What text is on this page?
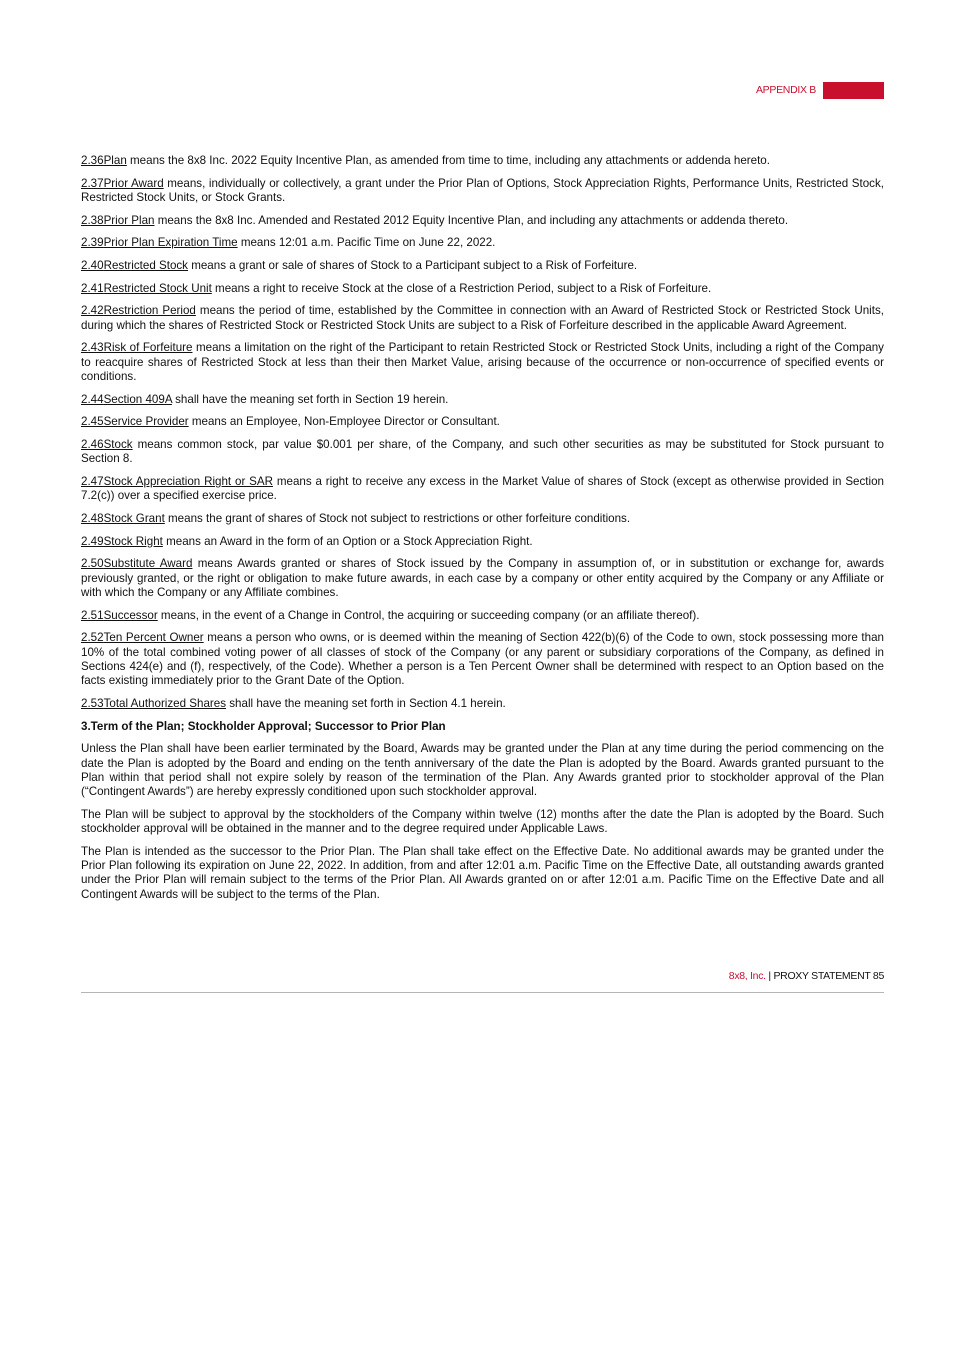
APPENDIX B

2.36Plan means the 8x8 Inc. 2022 Equity Incentive Plan, as amended from time to time, including any attachments or addenda hereto.

2.37Prior Award means, individually or collectively, a grant under the Prior Plan of Options, Stock Appreciation Rights, Performance Units, Restricted Stock, Restricted Stock Units, or Stock Grants.

2.38Prior Plan means the 8x8 Inc. Amended and Restated 2012 Equity Incentive Plan, and including any attachments or addenda thereto.

2.39Prior Plan Expiration Time means 12:01 a.m. Pacific Time on June 22, 2022.

2.40Restricted Stock means a grant or sale of shares of Stock to a Participant subject to a Risk of Forfeiture.

2.41Restricted Stock Unit means a right to receive Stock at the close of a Restriction Period, subject to a Risk of Forfeiture.

2.42Restriction Period means the period of time, established by the Committee in connection with an Award of Restricted Stock or Restricted Stock Units, during which the shares of Restricted Stock or Restricted Stock Units are subject to a Risk of Forfeiture described in the applicable Award Agreement.

2.43Risk of Forfeiture means a limitation on the right of the Participant to retain Restricted Stock or Restricted Stock Units, including a right of the Company to reacquire shares of Restricted Stock at less than their then Market Value, arising because of the occurrence or non-occurrence of specified events or conditions.

2.44Section 409A shall have the meaning set forth in Section 19 herein.

2.45Service Provider means an Employee, Non-Employee Director or Consultant.

2.46Stock means common stock, par value $0.001 per share, of the Company, and such other securities as may be substituted for Stock pursuant to Section 8.

2.47Stock Appreciation Right or SAR means a right to receive any excess in the Market Value of shares of Stock (except as otherwise provided in Section 7.2(c)) over a specified exercise price.

2.48Stock Grant means the grant of shares of Stock not subject to restrictions or other forfeiture conditions.

2.49Stock Right means an Award in the form of an Option or a Stock Appreciation Right.

2.50Substitute Award means Awards granted or shares of Stock issued by the Company in assumption of, or in substitution or exchange for, awards previously granted, or the right or obligation to make future awards, in each case by a company or other entity acquired by the Company or any Affiliate or with which the Company or any Affiliate combines.

2.51Successor means, in the event of a Change in Control, the acquiring or succeeding company (or an affiliate thereof).

2.52Ten Percent Owner means a person who owns, or is deemed within the meaning of Section 422(b)(6) of the Code to own, stock possessing more than 10% of the total combined voting power of all classes of stock of the Company (or any parent or subsidiary corporations of the Company, as defined in Sections 424(e) and (f), respectively, of the Code). Whether a person is a Ten Percent Owner shall be determined with respect to an Option based on the facts existing immediately prior to the Grant Date of the Option.

2.53Total Authorized Shares shall have the meaning set forth in Section 4.1 herein.

3.Term of the Plan; Stockholder Approval; Successor to Prior Plan

Unless the Plan shall have been earlier terminated by the Board, Awards may be granted under the Plan at any time during the period commencing on the date the Plan is adopted by the Board and ending on the tenth anniversary of the date the Plan is adopted by the Board. Awards granted pursuant to the Plan within that period shall not expire solely by reason of the termination of the Plan. Any Awards granted prior to stockholder approval of the Plan (“Contingent Awards”) are hereby expressly conditioned upon such stockholder approval.

The Plan will be subject to approval by the stockholders of the Company within twelve (12) months after the date the Plan is adopted by the Board. Such stockholder approval will be obtained in the manner and to the degree required under Applicable Laws.

The Plan is intended as the successor to the Prior Plan. The Plan shall take effect on the Effective Date. No additional awards may be granted under the Prior Plan following its expiration on June 22, 2022. In addition, from and after 12:01 a.m. Pacific Time on the Effective Date, all outstanding awards granted under the Prior Plan will remain subject to the terms of the Prior Plan. All Awards granted on or after 12:01 a.m. Pacific Time on the Effective Date and all Contingent Awards will be subject to the terms of the Plan.

8x8, Inc. | PROXY STATEMENT 85
